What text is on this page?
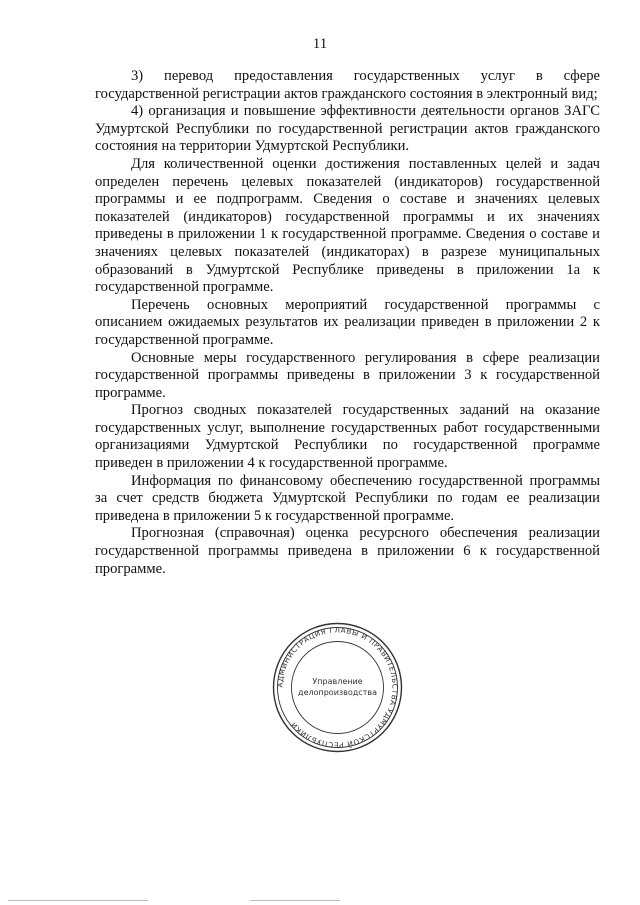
11

3) перевод предоставления государственных услуг в сфере государственной регистрации актов гражданского состояния в электронный вид;

4) организация и повышение эффективности деятельности органов ЗАГС Удмуртской Республики по государственной регистрации актов гражданского состояния на территории Удмуртской Республики.

Для количественной оценки достижения поставленных целей и задач определен перечень целевых показателей (индикаторов) государственной программы и ее подпрограмм. Сведения о составе и значениях целевых показателей (индикаторов) государственной программы и их значениях приведены в приложении 1 к государственной программе. Сведения о составе и значениях целевых показателей (индикаторах) в разрезе муниципальных образований в Удмуртской Республике приведены в приложении 1а к государственной программе.

Перечень основных мероприятий государственной программы с описанием ожидаемых результатов их реализации приведен в приложении 2 к государственной программе.

Основные меры государственного регулирования в сфере реализации государственной программы приведены в приложении 3 к государственной программе.

Прогноз сводных показателей государственных заданий на оказание государственных услуг, выполнение государственных работ государственными организациями Удмуртской Республики по государственной программе приведен в приложении 4 к государственной программе.

Информация по финансовому обеспечению государственной программы за счет средств бюджета Удмуртской Республики по годам ее реализации приведена в приложении 5 к государственной программе.

Прогнозная (справочная) оценка ресурсного обеспечения реализации государственной программы приведена в приложении 6 к государственной программе.

АДМИНИСТРАЦИЯ ГЛАВЫ И ПРАВИТЕЛЬСТВА УДМУРТСКОЙ РЕСПУБЛИКИ
Управление
делопроизводства
